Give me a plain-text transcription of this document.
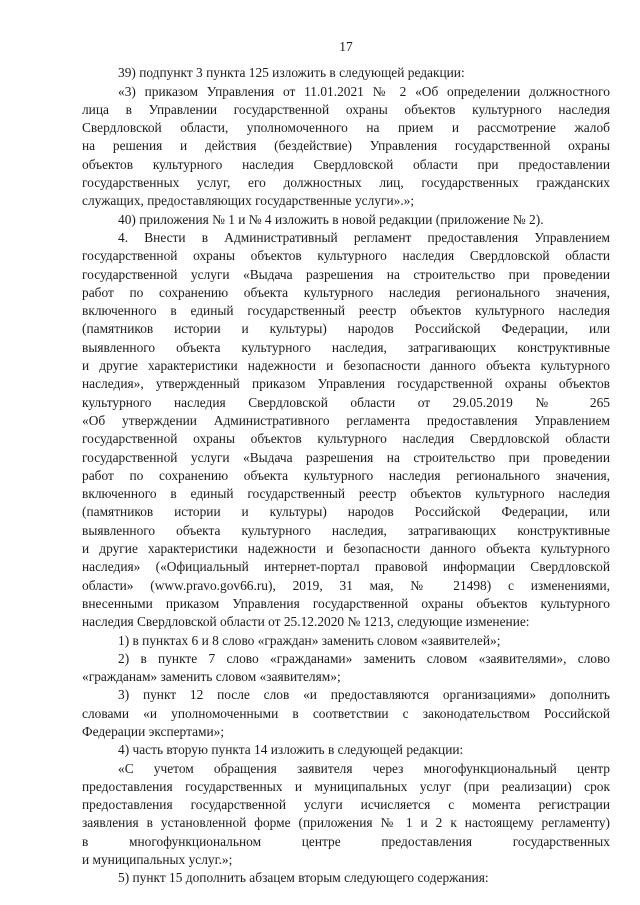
17
39) подпункт 3 пункта 125 изложить в следующей редакции:
«3) приказом Управления от 11.01.2021 № 2 «Об определении должностного
лица в Управлении государственной охраны объектов культурного наследия
Свердловской области, уполномоченного на прием и рассмотрение жалоб
на решения и действия (бездействие) Управления государственной охраны
объектов культурного наследия Свердловской области при предоставлении
государственных услуг, его должностных лиц, государственных гражданских
служащих, предоставляющих государственные услуги».»;
40) приложения № 1 и № 4 изложить в новой редакции (приложение № 2).
4. Внести в Административный регламент предоставления Управлением
государственной охраны объектов культурного наследия Свердловской области
государственной услуги «Выдача разрешения на строительство при проведении
работ по сохранению объекта культурного наследия регионального значения,
включенного в единый государственный реестр объектов культурного наследия
(памятников истории и культуры) народов Российской Федерации, или
выявленного объекта культурного наследия, затрагивающих конструктивные
и другие характеристики надежности и безопасности данного объекта культурного
наследия», утвержденный приказом Управления государственной охраны объектов
культурного наследия Свердловской области от 29.05.2019 № 265
«Об утверждении Административного регламента предоставления Управлением
государственной охраны объектов культурного наследия Свердловской области
государственной услуги «Выдача разрешения на строительство при проведении
работ по сохранению объекта культурного наследия регионального значения,
включенного в единый государственный реестр объектов культурного наследия
(памятников истории и культуры) народов Российской Федерации, или
выявленного объекта культурного наследия, затрагивающих конструктивные
и другие характеристики надежности и безопасности данного объекта культурного
наследия» («Официальный интернет-портал правовой информации Свердловской
области» (www.pravo.gov66.ru), 2019, 31 мая, № 21498) с изменениями,
внесенными приказом Управления государственной охраны объектов культурного
наследия Свердловской области от 25.12.2020 № 1213, следующие изменение:
1) в пунктах 6 и 8 слово «граждан» заменить словом «заявителей»;
2) в пункте 7 слово «гражданами» заменить словом «заявителями», слово
«гражданам» заменить словом «заявителям»;
3) пункт 12 после слов «и предоставляются организациями» дополнить
словами «и уполномоченными в соответствии с законодательством Российской
Федерации экспертами»;
4) часть вторую пункта 14 изложить в следующей редакции:
«С учетом обращения заявителя через многофункциональный центр
предоставления государственных и муниципальных услуг (при реализации) срок
предоставления государственной услуги исчисляется с момента регистрации
заявления в установленной форме (приложения № 1 и 2 к настоящему регламенту)
в многофункциональном центре предоставления государственных
и муниципальных услуг.»;
5) пункт 15 дополнить абзацем вторым следующего содержания:
